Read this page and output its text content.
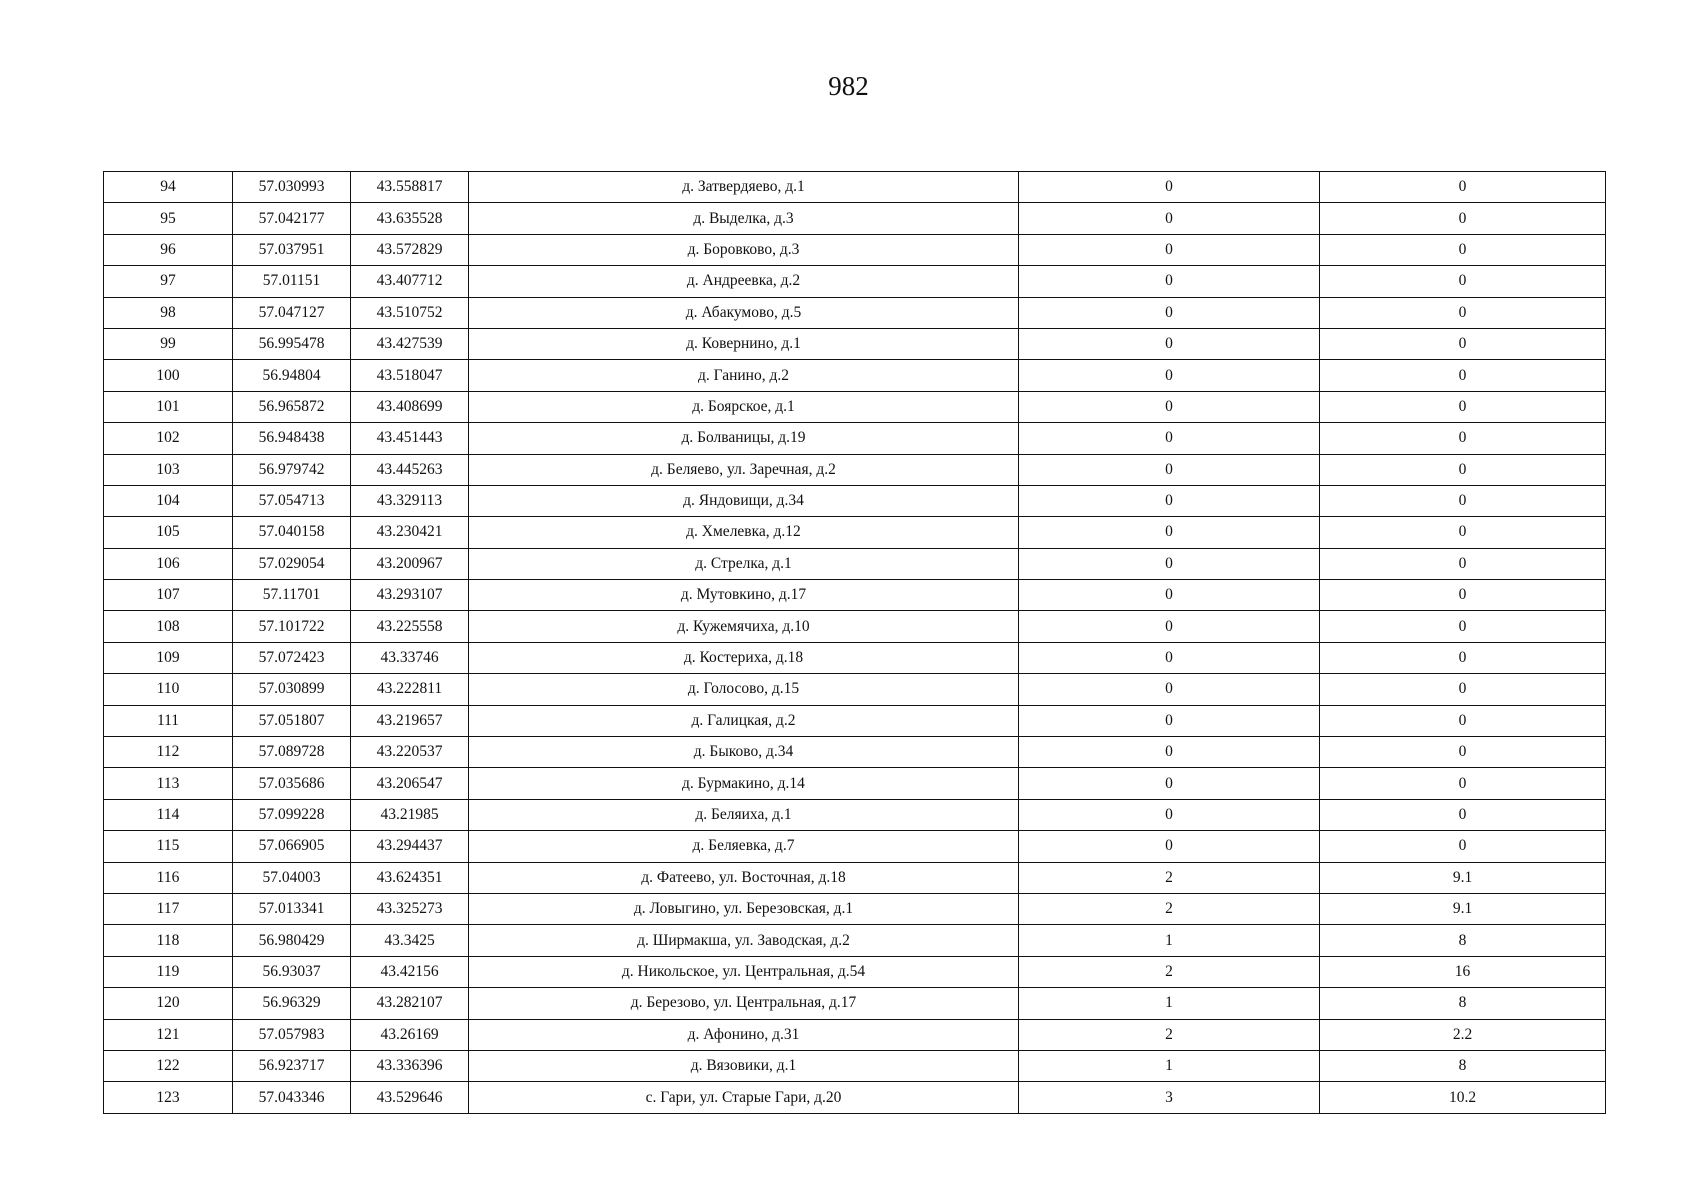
982
94	57.030993	43.558817	д. Затвердяево, д.1	0	0
95	57.042177	43.635528	д. Выделка, д.3	0	0
96	57.037951	43.572829	д. Боровково, д.3	0	0
97	57.01151	43.407712	д. Андреевка, д.2	0	0
98	57.047127	43.510752	д. Абакумово, д.5	0	0
99	56.995478	43.427539	д. Ковернино, д.1	0	0
100	56.94804	43.518047	д. Ганино, д.2	0	0
101	56.965872	43.408699	д. Боярское, д.1	0	0
102	56.948438	43.451443	д. Болваницы, д.19	0	0
103	56.979742	43.445263	д. Беляево, ул. Заречная, д.2	0	0
104	57.054713	43.329113	д. Яндовищи, д.34	0	0
105	57.040158	43.230421	д. Хмелевка, д.12	0	0
106	57.029054	43.200967	д. Стрелка, д.1	0	0
107	57.11701	43.293107	д. Мутовкино, д.17	0	0
108	57.101722	43.225558	д. Кужемячиха, д.10	0	0
109	57.072423	43.33746	д. Костериха, д.18	0	0
110	57.030899	43.222811	д. Голосово, д.15	0	0
111	57.051807	43.219657	д. Галицкая, д.2	0	0
112	57.089728	43.220537	д. Быково, д.34	0	0
113	57.035686	43.206547	д. Бурмакино, д.14	0	0
114	57.099228	43.21985	д. Беляиха, д.1	0	0
115	57.066905	43.294437	д. Беляевка, д.7	0	0
116	57.04003	43.624351	д. Фатеево, ул. Восточная, д.18	2	9.1
117	57.013341	43.325273	д. Ловыгино, ул. Березовская, д.1	2	9.1
118	56.980429	43.3425	д. Ширмакша, ул. Заводская, д.2	1	8
119	56.93037	43.42156	д. Никольское, ул. Центральная, д.54	2	16
120	56.96329	43.282107	д. Березово, ул. Центральная, д.17	1	8
121	57.057983	43.26169	д. Афонино, д.31	2	2.2
122	56.923717	43.336396	д. Вязовики, д.1	1	8
123	57.043346	43.529646	с. Гари, ул. Старые Гари, д.20	3	10.2
